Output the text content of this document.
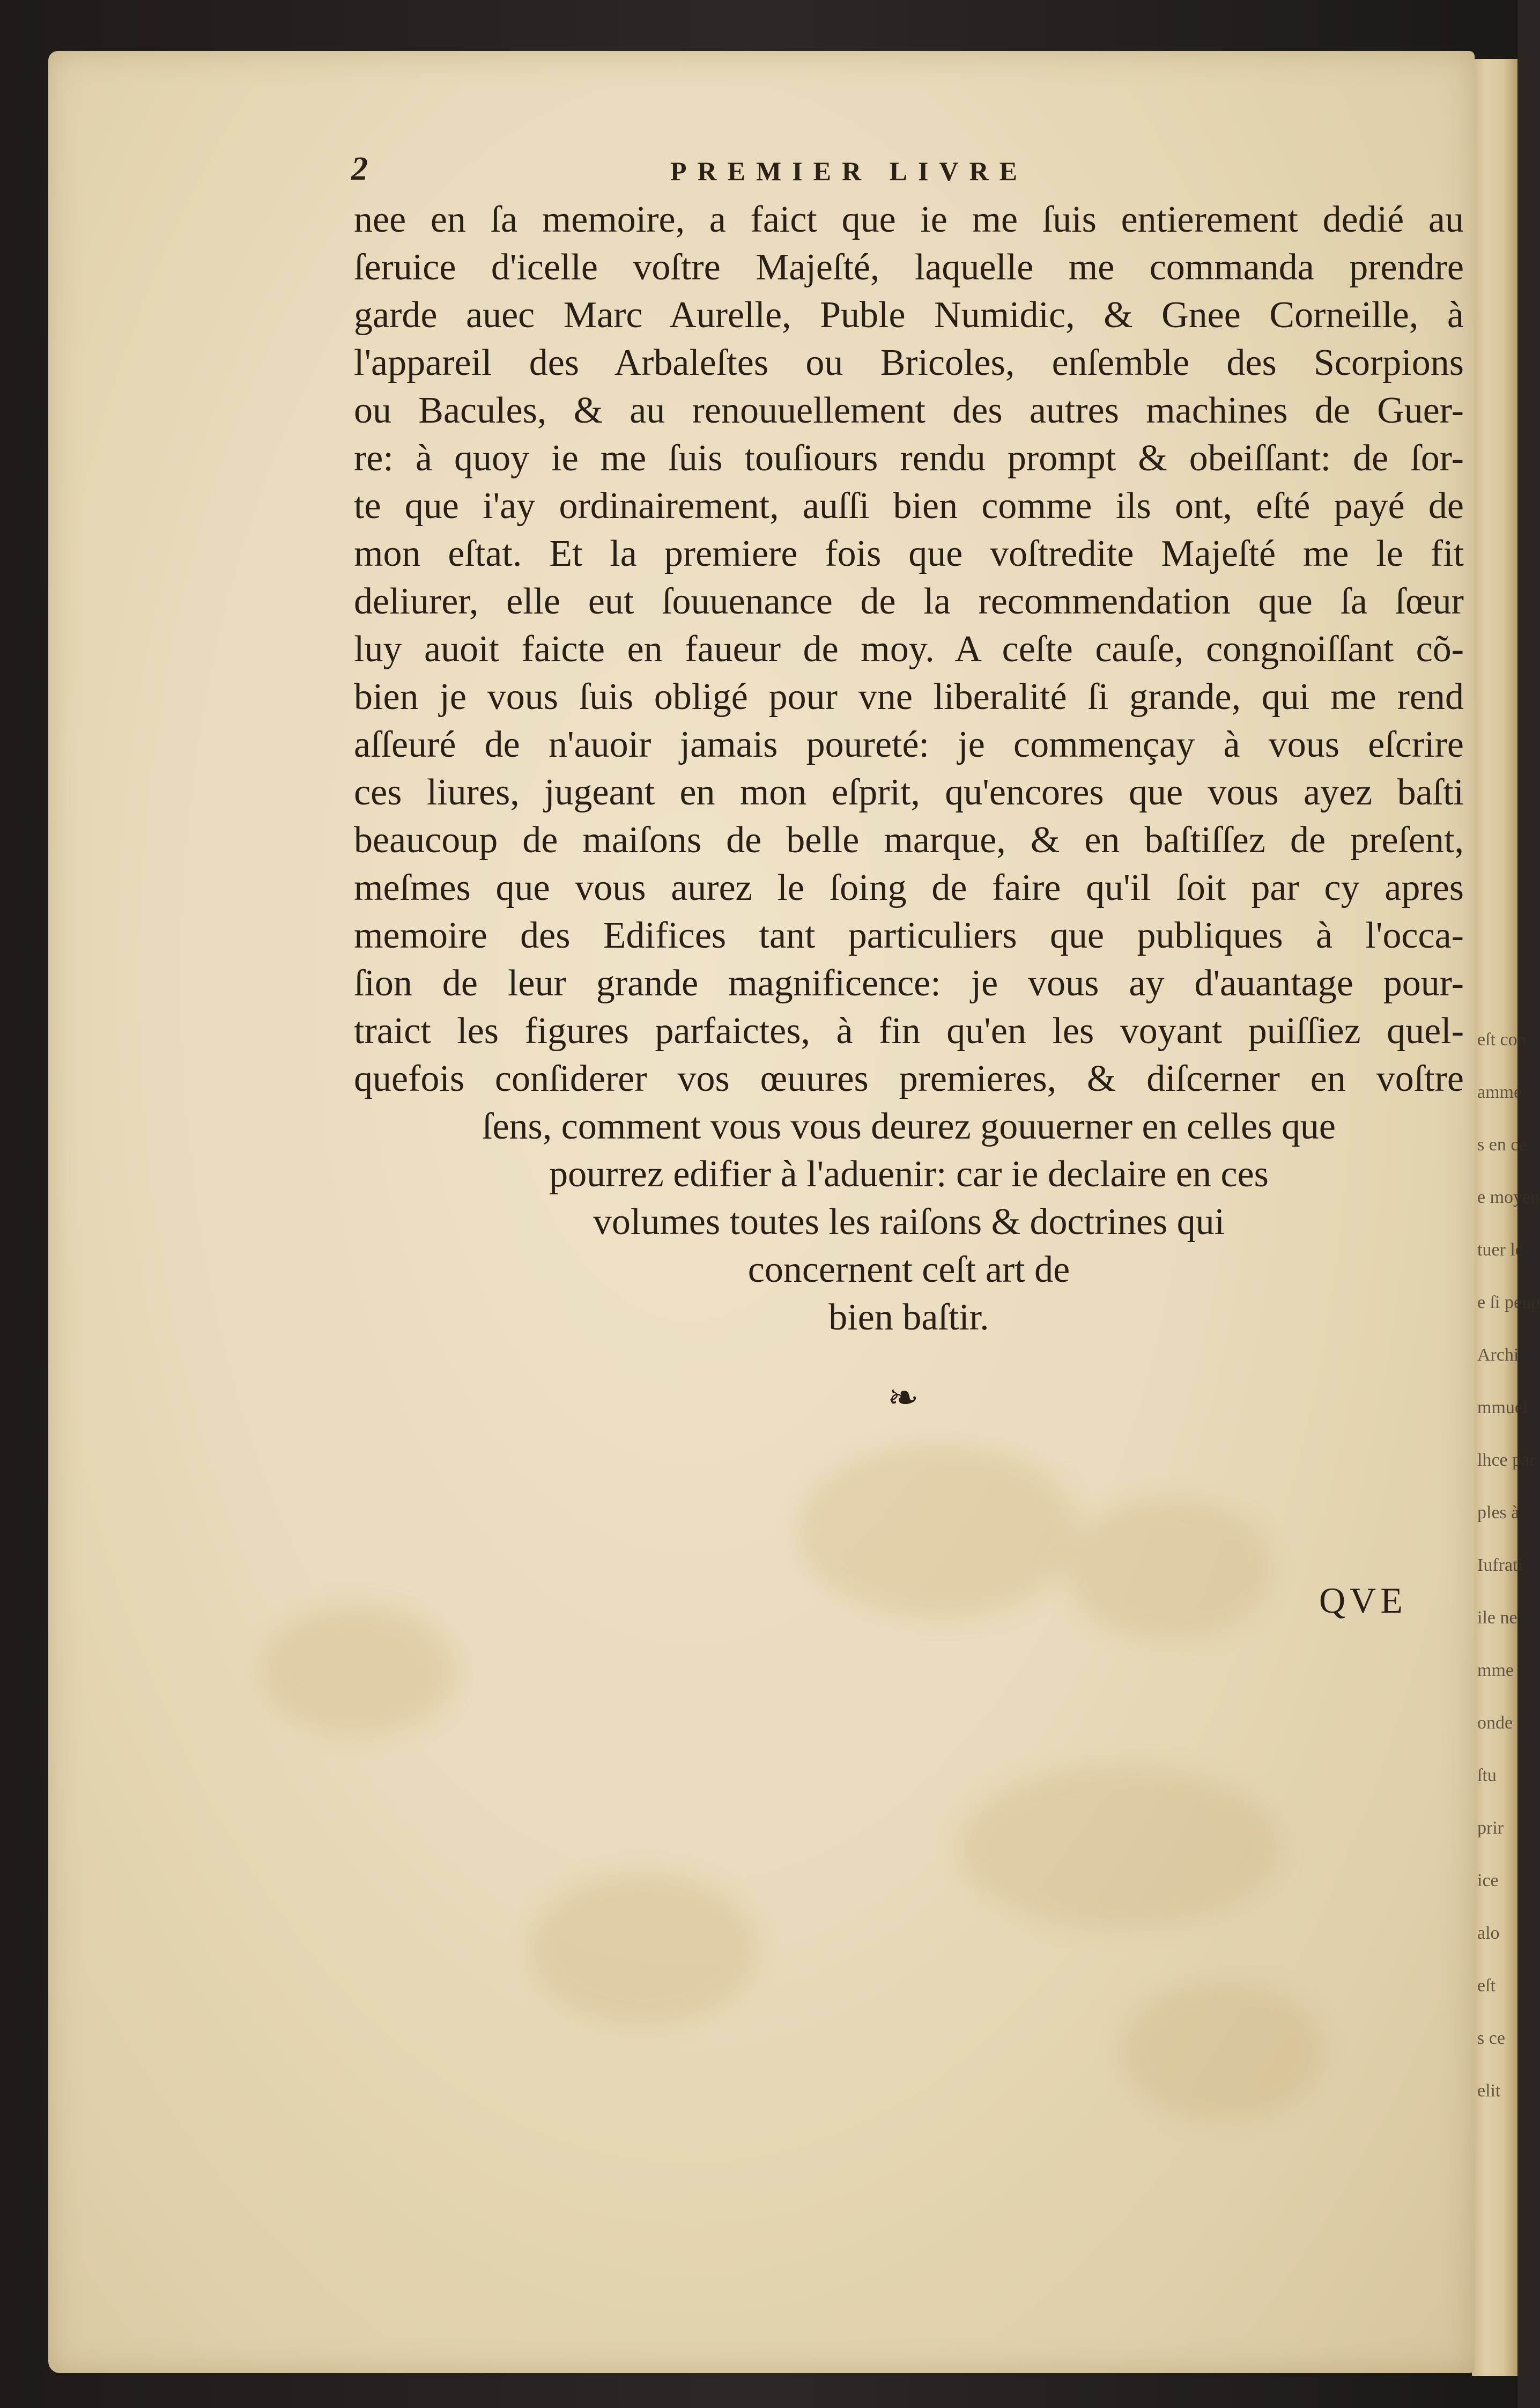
eſt con
amme
s en ce
e moyen
tuer le
e ſi peup
Archi
mmuel
lhce par
ples à
Iufrati
ile ne
mme
onde
ſtu
prir
ice
alo
eſt
s ce
elit
2	PREMIER LIVRE
nee en ſa memoire, a faict que ie me ſuis entierement dedié au
ſeruice d'icelle voſtre Majeſté, laquelle me commanda prendre
garde auec Marc Aurelle, Puble Numidic, & Gnee Corneille, à
l'appareil des Arbaleſtes ou Bricoles, enſemble des Scorpions
ou Bacules, & au renouuellement des autres machines de Guer-
re: à quoy ie me ſuis touſiours rendu prompt & obeiſſant: de ſor-
te que i'ay ordinairement, auſſi bien comme ils ont, eſté payé de
mon eſtat. Et la premiere fois que voſtredite Majeſté me le fit
deliurer, elle eut ſouuenance de la recommendation que ſa ſœur
luy auoit faicte en faueur de moy. A ceſte cauſe, congnoiſſant cõ-
bien je vous ſuis obligé pour vne liberalité ſi grande, qui me rend
aſſeuré de n'auoir jamais poureté: je commençay à vous eſcrire
ces liures, jugeant en mon eſprit, qu'encores que vous ayez baſti
beaucoup de maiſons de belle marque, & en baſtiſſez de preſent,
meſmes que vous aurez le ſoing de faire qu'il ſoit par cy apres
memoire des Edifices tant particuliers que publiques à l'occa-
ſion de leur grande magnificence: je vous ay d'auantage pour-
traict les figures parfaictes, à fin qu'en les voyant puiſſiez quel-
quefois conſiderer vos œuures premieres, & diſcerner en voſtre
ſens, comment vous vous deurez gouuerner en celles que
pourrez edifier à l'aduenir: car ie declaire en ces
volumes toutes les raiſons & doctrines qui
concernent ceſt art de
bien baſtir.
❧
QVE
